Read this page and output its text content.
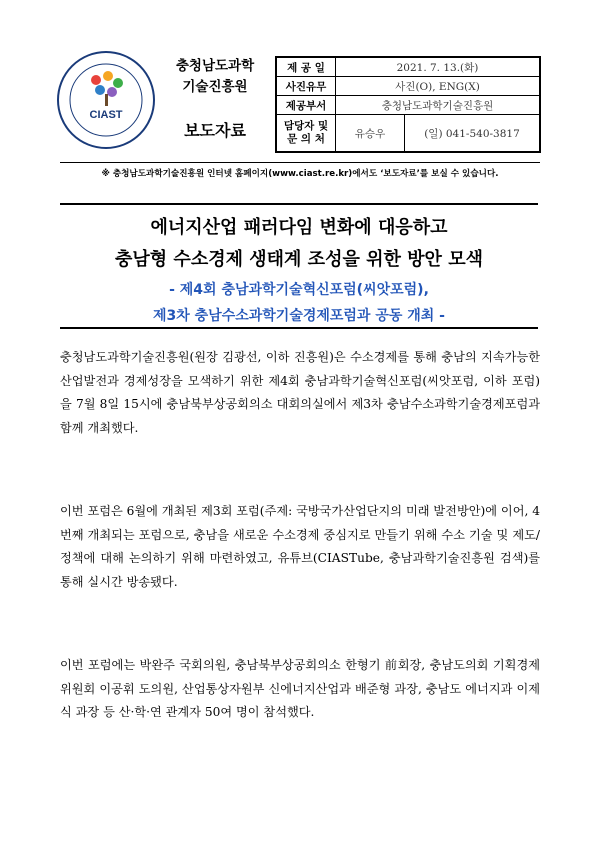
CIAST
충청남도과학
기술진흥원
보도자료
제 공 일	2021. 7. 13.(화)	
사진유무	사진(O), ENG(X)	
제공부서	충청남도과학기술진흥원	
담당자 및
문 의 처	유승우	(일) 041-540-3817
※ 충청남도과학기술진흥원 인터넷 홈페이지(www.ciast.re.kr)에서도 ‘보도자료’를 보실 수 있습니다.
에너지산업 패러다임 변화에 대응하고
충남형 수소경제 생태계 조성을 위한 방안 모색
- 제4회 충남과학기술혁신포럼(씨앗포럼),
제3차 충남수소과학기술경제포럼과 공동 개최 -
충청남도과학기술진흥원(원장 김광선, 이하 진흥원)은 수소경제를 통해 충남의 지속가능한 산업발전과 경제성장을 모색하기 위한 제4회 충남과학기술혁신포럼(씨앗포럼, 이하 포럼)을 7월 8일 15시에 충남북부상공회의소 대회의실에서 제3차 충남수소과학기술경제포럼과 함께 개최했다.
이번 포럼은 6월에 개최된 제3회 포럼(주제: 국방국가산업단지의 미래 발전방안)에 이어, 4번째 개최되는 포럼으로, 충남을 새로운 수소경제 중심지로 만들기 위해 수소 기술 및 제도/정책에 대해 논의하기 위해 마련하였고, 유튜브(CIASTube, 충남과학기술진흥원 검색)를 통해 실시간 방송됐다.
이번 포럼에는 박완주 국회의원, 충남북부상공회의소 한형기 前회장, 충남도의회 기획경제위원회 이공휘 도의원, 산업통상자원부 신에너지산업과 배준형 과장, 충남도 에너지과 이제식 과장 등 산·학·연 관계자 50여 명이 참석했다.
